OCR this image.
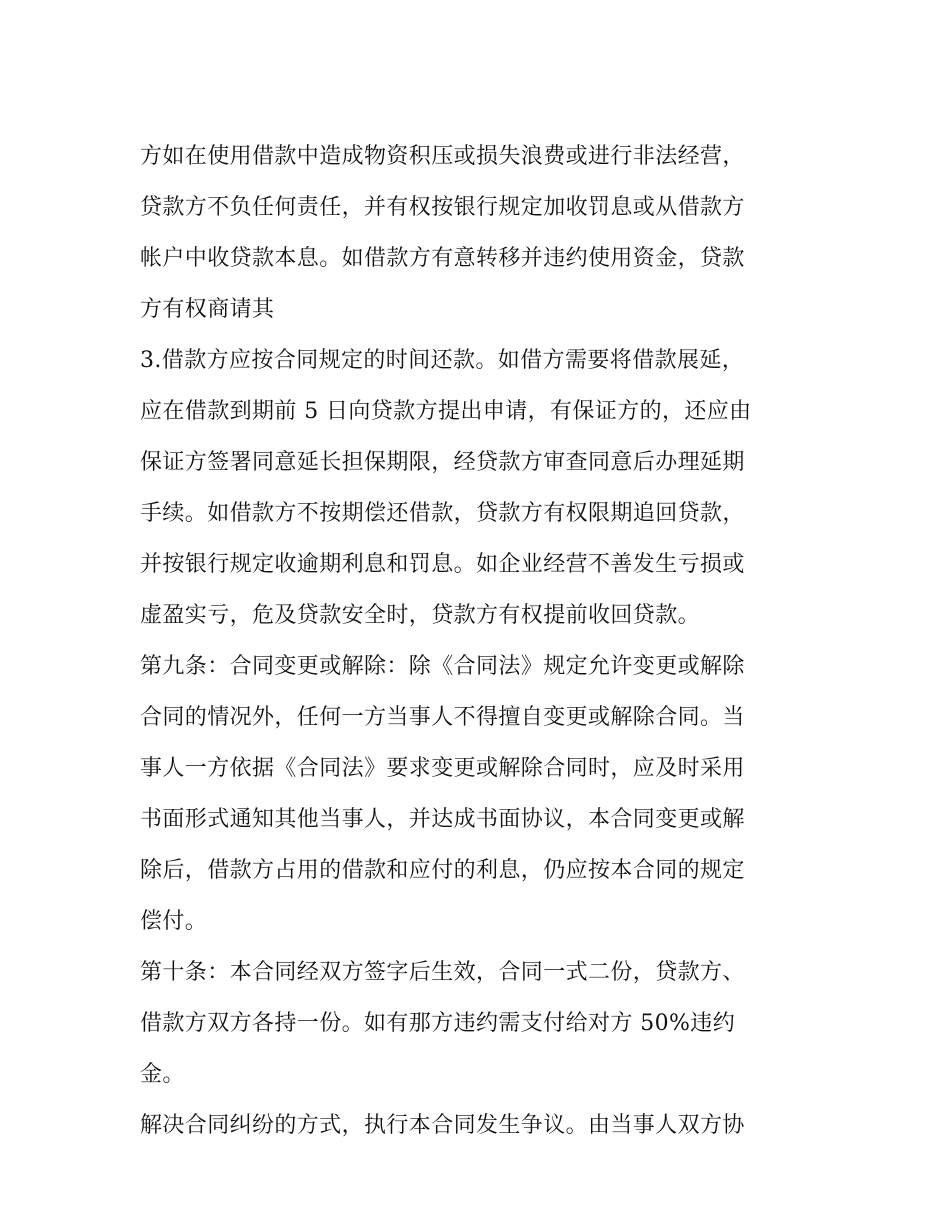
方如在使用借款中造成物资积压或损失浪费或进行非法经营，
贷款方不负任何责任，并有权按银行规定加收罚息或从借款方
帐户中收贷款本息。如借款方有意转移并违约使用资金，贷款
方有权商请其
3.借款方应按合同规定的时间还款。如借方需要将借款展延，
应在借款到期前 5 日向贷款方提出申请，有保证方的，还应由
保证方签署同意延长担保期限，经贷款方审查同意后办理延期
手续。如借款方不按期偿还借款，贷款方有权限期追回贷款，
并按银行规定收逾期利息和罚息。如企业经营不善发生亏损或
虚盈实亏，危及贷款安全时，贷款方有权提前收回贷款。
第九条：合同变更或解除：除《合同法》规定允许变更或解除
合同的情况外，任何一方当事人不得擅自变更或解除合同。当
事人一方依据《合同法》要求变更或解除合同时，应及时采用
书面形式通知其他当事人，并达成书面协议，本合同变更或解
除后，借款方占用的借款和应付的利息，仍应按本合同的规定
偿付。
第十条：本合同经双方签字后生效，合同一式二份，贷款方、
借款方双方各持一份。如有那方违约需支付给对方 50%违约
金。
解决合同纠纷的方式，执行本合同发生争议。由当事人双方协
